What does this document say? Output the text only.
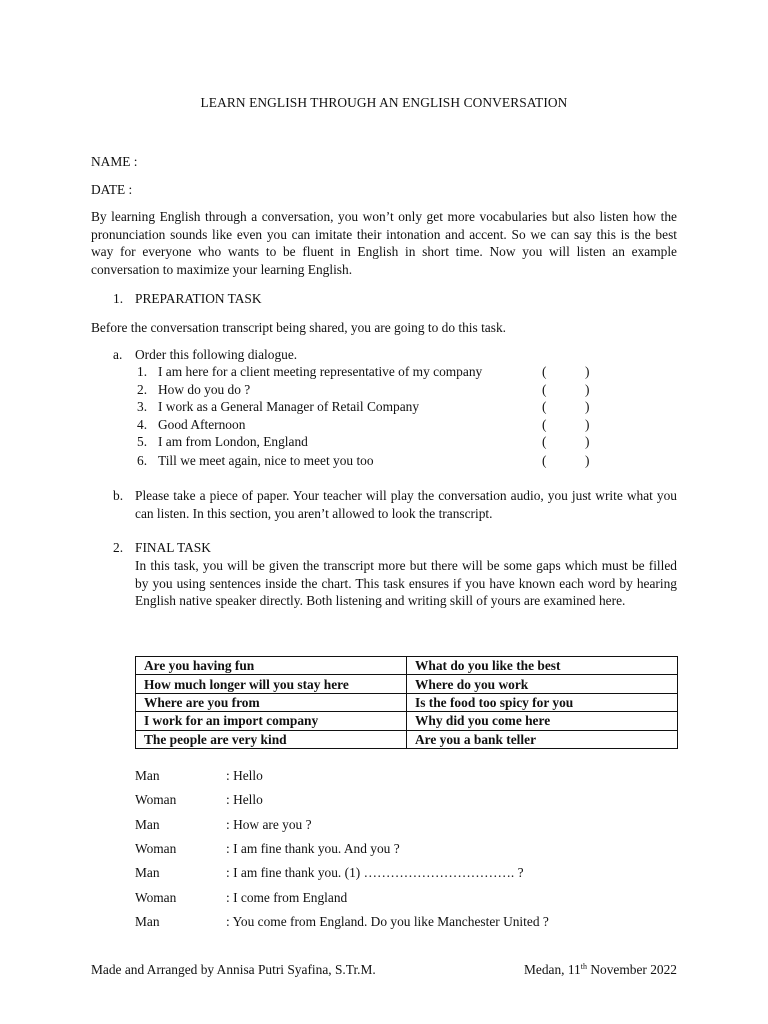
LEARN ENGLISH THROUGH AN ENGLISH CONVERSATION
NAME :
DATE :
By learning English through a conversation, you won’t only get more vocabularies but also listen how the pronunciation sounds like even you can imitate their intonation and accent. So we can say this is the best way for everyone who wants to be fluent in English in short time. Now you will listen an example conversation to maximize your learning English.
1. PREPARATION TASK
Before the conversation transcript being shared, you are going to do this task.
a. Order this following dialogue.
1. I am here for a client meeting representative of my company	(	)
2. How do you do ?	(	)
3. I work as a General Manager of Retail Company	(	)
4. Good Afternoon	(	)
5. I am from London, England	(	)
6. Till we meet again, nice to meet you too	(	)
b. Please take a piece of paper. Your teacher will play the conversation audio, you just write what you can listen. In this section, you aren’t allowed to look the transcript.
2. FINAL TASK
In this task, you will be given the transcript more but there will be some gaps which must be filled by you using sentences inside the chart. This task ensures if you have known each word by hearing English native speaker directly. Both listening and writing skill of yours are examined here.
Are you having fun	What do you like the best
How much longer will you stay here	Where do you work
Where are you from	Is the food too spicy for you
I work for an import company	Why did you come here
The people are very kind	Are you a bank teller
Man	: Hello
Woman	: Hello
Man	: How are you ?
Woman	: I am fine thank you. And you ?
Man	: I am fine thank you. (1) ……………………………. ?
Woman	: I come from England
Man	: You come from England. Do you like Manchester United ?
Made and Arranged by Annisa Putri Syafina, S.Tr.M.	Medan, 11th November 2022
